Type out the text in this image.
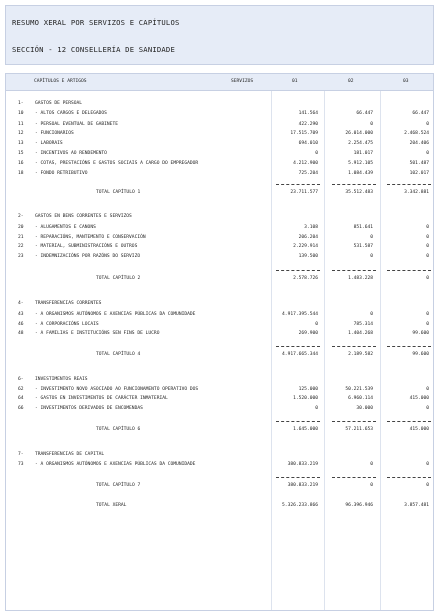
RESUMO XERAL POR SERVIZOS E CAPÍTULOS
SECCIÓN - 12 CONSELLERÍA DE SANIDADE
CAPÍTULOS E ARTIGOS	SERVIZOS	01	02	03
1- GASTOS DE PERSOAL
10 - ALTOS CARGOS E DELEGADOS	141.564	66.447	66.447
11 - PERSOAL EVENTUAL DE GABINETE	422.290	0	0
12 - FUNCIONARIOS	17.515.709	26.014.000	2.468.524
13 - LABORAIS	694.010	2.254.475	204.406
15 - INCENTIVOS AO RENDEMENTO	0	181.017	0
16 - COTAS, PRESTACIÓNS E GASTOS SOCIAIS A CARGO DO EMPREGADOR	4.212.900	5.912.105	501.487
18 - FONDO RETRIBUTIVO	725.204	1.084.439	102.017
TOTAL CAPÍTULO 1	23.711.577	35.512.483	3.342.881
2- GASTOS EN BENS CORRENTES E SERVIZOS
20 - ALUGAMENTOS E CANONS	3.108	851.641	0
21 - REPARACIÓNS, MANTEMENTO E CONSERVACIÓN	206.204	0	0
22 - MATERIAL, SUBMINISTRACIÓNS E OUTROS	2.229.914	531.587	0
23 - INDEMNIZACIÓNS POR RAZÓNS DO SERVIZO	139.500	0	0
TOTAL CAPÍTULO 2	2.578.726	1.483.228	0
4- TRANSFERENCIAS CORRENTES
43 - A ORGANISMOS AUTÓNOMOS E AXENCIAS PÚBLICAS DA COMUNIDADE	4.917.395.544	0	0
46 - A CORPORACIÓNS LOCAIS	0	785.314	0
48 - A FAMILIAS E INSTITUCIÓNS SEN FINS DE LUCRO	269.900	1.404.268	99.600
TOTAL CAPÍTULO 4	4.917.665.344	2.189.582	99.600
6- INVESTIMENTOS REAIS
62 - INVESTIMENTO NOVO ASOCIADO AO FUNCIONAMENTO OPERATIVO DOS	125.000	50.221.539	0
64 - GASTOS EN INVESTIMENTOS DE CARÁCTER INMATERIAL	1.520.000	6.960.114	415.000
66 - INVESTIMENTOS DERIVADOS DE ENCOMENDAS	0	30.000	0
TOTAL CAPÍTULO 6	1.645.000	57.211.653	415.000
7- TRANSFERENCIAS DE CAPITAL
73 - A ORGANISMOS AUTÓNOMOS E AXENCIAS PÚBLICAS DA COMUNIDADE	380.833.219	0	0
TOTAL CAPÍTULO 7	380.833.219	0	0
TOTAL XERAL	5.326.233.866	96.396.946	3.857.481
